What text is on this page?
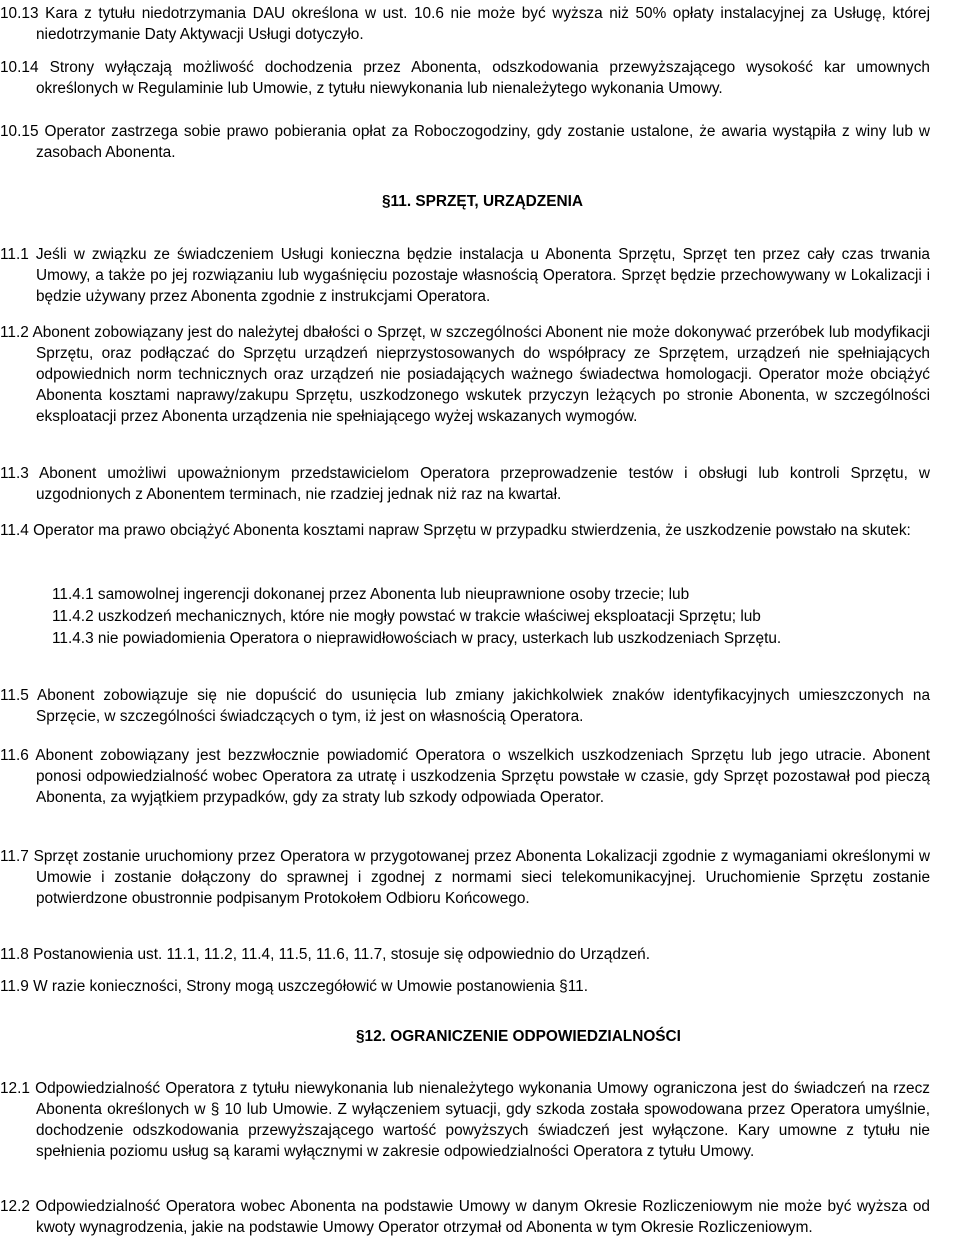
10.13 Kara z tytułu niedotrzymania DAU określona w ust. 10.6 nie może być wyższa niż 50% opłaty instalacyjnej za Usługę, której niedotrzymanie Daty Aktywacji Usługi dotyczyło.
10.14 Strony wyłączają możliwość dochodzenia przez Abonenta, odszkodowania przewyższającego wysokość kar umownych określonych w Regulaminie lub Umowie, z tytułu niewykonania lub nienależytego wykonania Umowy.
10.15 Operator zastrzega sobie prawo pobierania opłat za Roboczogodziny, gdy zostanie ustalone, że awaria wystąpiła z winy lub w zasobach Abonenta.
§11. SPRZĘT, URZĄDZENIA
11.1 Jeśli w związku ze świadczeniem Usługi konieczna będzie instalacja u Abonenta Sprzętu, Sprzęt ten przez cały czas trwania Umowy, a także po jej rozwiązaniu lub wygaśnięciu pozostaje własnością Operatora. Sprzęt będzie przechowywany w Lokalizacji i będzie używany przez Abonenta zgodnie z instrukcjami Operatora.
11.2 Abonent zobowiązany jest do należytej dbałości o Sprzęt, w szczególności Abonent nie może dokonywać przeróbek lub modyfikacji Sprzętu, oraz podłączać do Sprzętu urządzeń nieprzystosowanych do współpracy ze Sprzętem, urządzeń nie spełniających odpowiednich norm technicznych oraz urządzeń nie posiadających ważnego świadectwa homologacji. Operator może obciążyć Abonenta kosztami naprawy/zakupu Sprzętu, uszkodzonego wskutek przyczyn leżących po stronie Abonenta, w szczególności eksploatacji przez Abonenta urządzenia nie spełniającego wyżej wskazanych wymogów.
11.3 Abonent umożliwi upoważnionym przedstawicielom Operatora przeprowadzenie testów i obsługi lub kontroli Sprzętu, w uzgodnionych z Abonentem terminach, nie rzadziej jednak niż raz na kwartał.
11.4 Operator ma prawo obciążyć Abonenta kosztami napraw Sprzętu w przypadku stwierdzenia, że uszkodzenie powstało na skutek:
11.4.1 samowolnej ingerencji dokonanej przez Abonenta lub nieuprawnione osoby trzecie; lub
11.4.2 uszkodzeń mechanicznych, które nie mogły powstać w trakcie właściwej eksploatacji Sprzętu; lub
11.4.3 nie powiadomienia Operatora o nieprawidłowościach w pracy, usterkach lub uszkodzeniach Sprzętu.
11.5 Abonent zobowiązuje się nie dopuścić do usunięcia lub zmiany jakichkolwiek znaków identyfikacyjnych umieszczonych na Sprzęcie, w szczególności świadczących o tym, iż jest on własnością Operatora.
11.6 Abonent zobowiązany jest bezzwłocznie powiadomić Operatora o wszelkich uszkodzeniach Sprzętu lub jego utracie. Abonent ponosi odpowiedzialność wobec Operatora za utratę i uszkodzenia Sprzętu powstałe w czasie, gdy Sprzęt pozostawał pod pieczą Abonenta, za wyjątkiem przypadków, gdy za straty lub szkody odpowiada Operator.
11.7 Sprzęt zostanie uruchomiony przez Operatora w przygotowanej przez Abonenta Lokalizacji zgodnie z wymaganiami określonymi w Umowie i zostanie dołączony do sprawnej i zgodnej z normami sieci telekomunikacyjnej. Uruchomienie Sprzętu zostanie potwierdzone obustronnie podpisanym Protokołem Odbioru Końcowego.
11.8 Postanowienia ust. 11.1, 11.2, 11.4, 11.5, 11.6, 11.7, stosuje się odpowiednio do Urządzeń.
11.9 W razie konieczności, Strony mogą uszczegółowić w Umowie postanowienia §11.
§12. OGRANICZENIE ODPOWIEDZIALNOŚCI
12.1 Odpowiedzialność Operatora z tytułu niewykonania lub nienależytego wykonania Umowy ograniczona jest do świadczeń na rzecz Abonenta określonych w § 10 lub Umowie. Z wyłączeniem sytuacji, gdy szkoda została spowodowana przez Operatora umyślnie, dochodzenie odszkodowania przewyższającego wartość powyższych świadczeń jest wyłączone. Kary umowne z tytułu nie spełnienia poziomu usług są karami wyłącznymi w zakresie odpowiedzialności Operatora z tytułu Umowy.
12.2 Odpowiedzialność Operatora wobec Abonenta na podstawie Umowy w danym Okresie Rozliczeniowym nie może być wyższa od kwoty wynagrodzenia, jakie na podstawie Umowy Operator otrzymał od Abonenta w tym Okresie Rozliczeniowym.
